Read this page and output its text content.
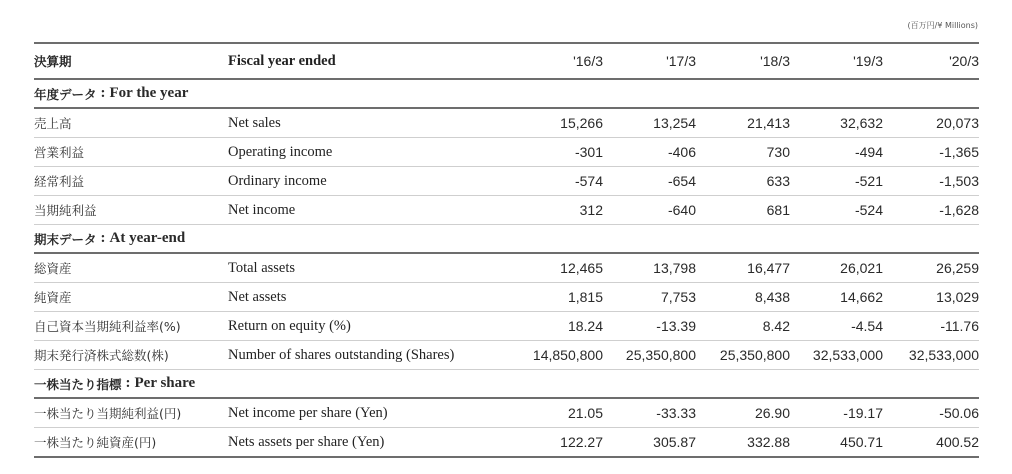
(百万円/¥ Millions)
決算期	Fiscal year ended	'16/3	'17/3	'18/3	'19/3	'20/3
年度データ : For the year
売上高	Net sales	15,266	13,254	21,413	32,632	20,073
営業利益	Operating income	-301	-406	730	-494	-1,365
経常利益	Ordinary income	-574	-654	633	-521	-1,503
当期純利益	Net income	312	-640	681	-524	-1,628
期末データ : At year-end
総資産	Total assets	12,465	13,798	16,477	26,021	26,259
純資産	Net assets	1,815	7,753	8,438	14,662	13,029
自己資本当期純利益率(%)	Return on equity (%)	18.24	-13.39	8.42	-4.54	-11.76
期末発行済株式総数(株)	Number of shares outstanding (Shares)	14,850,800	25,350,800	25,350,800	32,533,000	32,533,000
一株当たり指標 : Per share
一株当たり当期純利益(円)	Net income per share (Yen)	21.05	-33.33	26.90	-19.17	-50.06
一株当たり純資産(円)	Nets assets per share (Yen)	122.27	305.87	332.88	450.71	400.52
